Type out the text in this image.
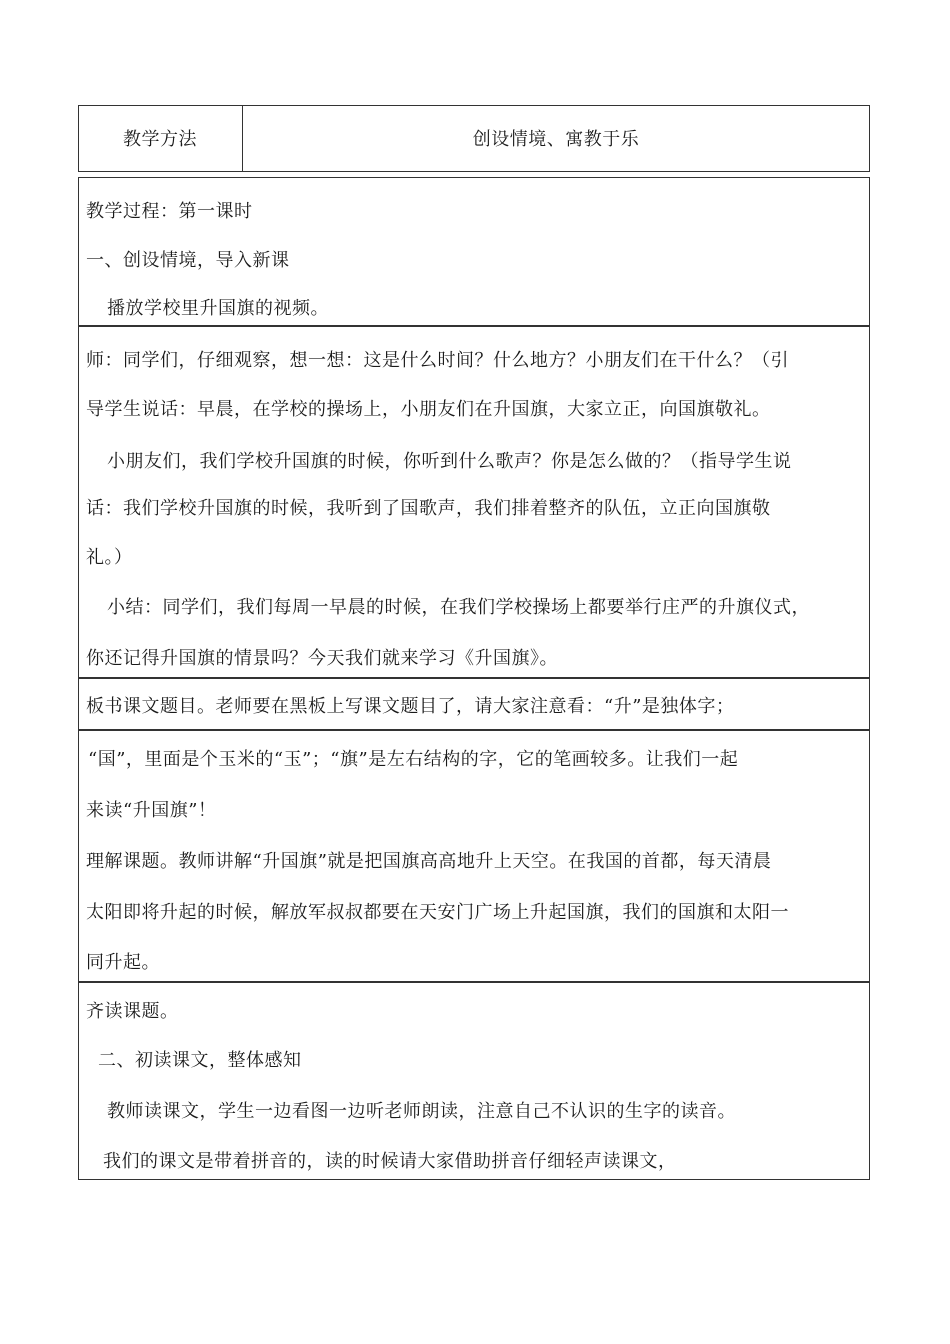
教学方法	创设情境、寓教于乐
教学过程：第一课时
一、创设情境，导入新课
播放学校里升国旗的视频。
师：同学们，仔细观察，想一想：这是什么时间？什么地方？小朋友们在干什么？（引
导学生说话：早晨，在学校的操场上，小朋友们在升国旗，大家立正，向国旗敬礼。
小朋友们，我们学校升国旗的时候，你听到什么歌声？你是怎么做的？（指导学生说
话：我们学校升国旗的时候，我听到了国歌声，我们排着整齐的队伍，立正向国旗敬
礼。）
小结：同学们，我们每周一早晨的时候，在我们学校操场上都要举行庄严的升旗仪式，
你还记得升国旗的情景吗？今天我们就来学习《升国旗》。
板书课文题目。老师要在黑板上写课文题目了，请大家注意看：“升”是独体字；
“国”，里面是个玉米的“玉”；“旗”是左右结构的字，它的笔画较多。让我们一起
来读“升国旗”！
理解课题。教师讲解“升国旗”就是把国旗高高地升上天空。在我国的首都，每天清晨
太阳即将升起的时候，解放军叔叔都要在天安门广场上升起国旗，我们的国旗和太阳一
同升起。
齐读课题。
二、初读课文，整体感知
教师读课文，学生一边看图一边听老师朗读，注意自己不认识的生字的读音。
我们的课文是带着拼音的，读的时候请大家借助拼音仔细轻声读课文，
